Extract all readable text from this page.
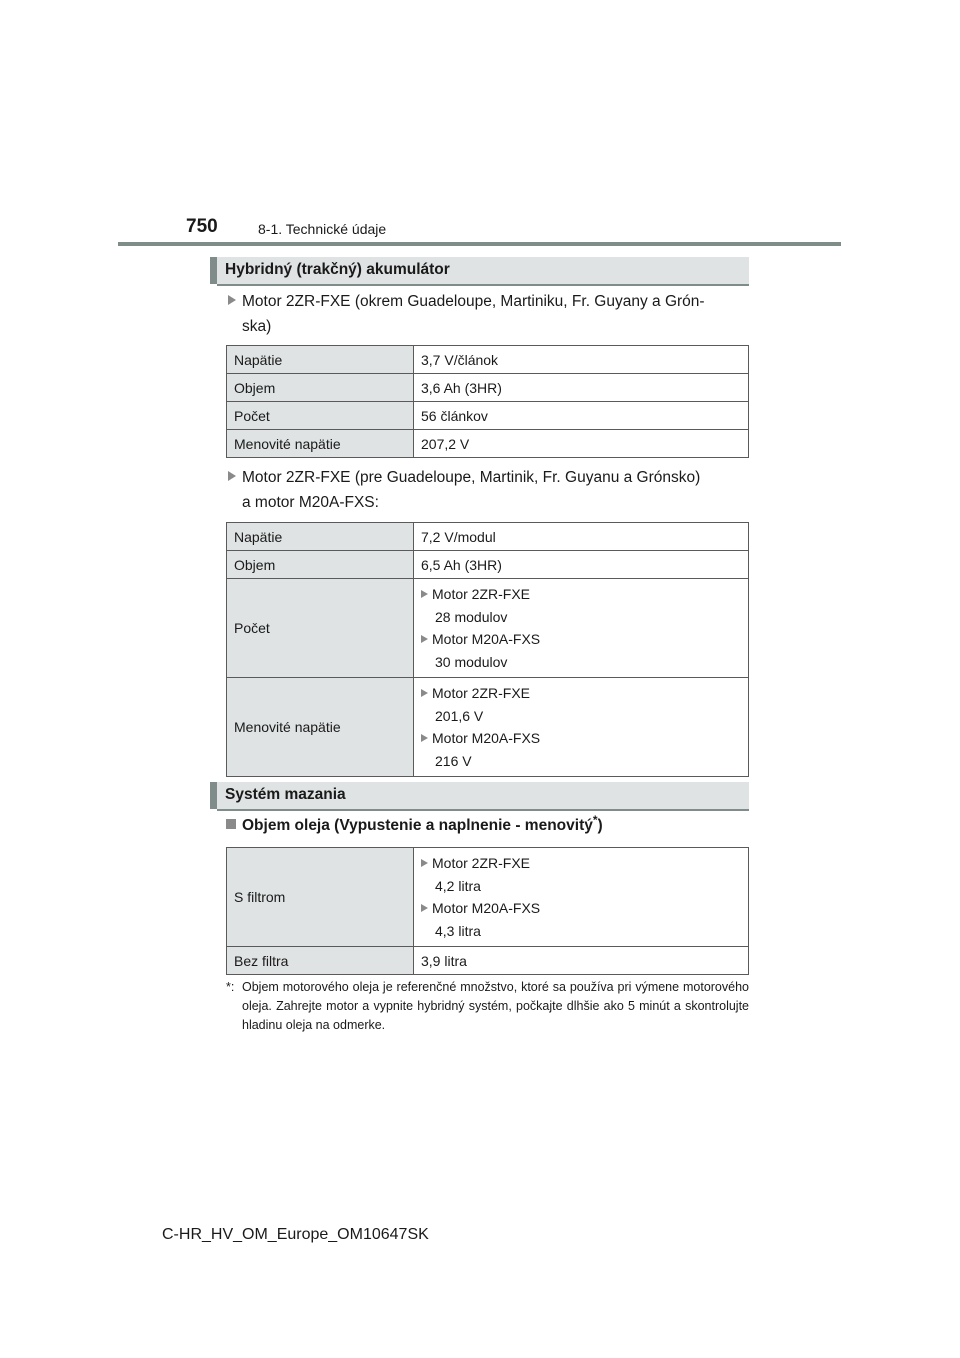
750	8-1. Technické údaje
Hybridný (trakčný) akumulátor
Motor 2ZR-FXE (okrem Guadeloupe, Martiniku, Fr. Guyany a Grón-
ska)
Napätie	3,7 V/článok
Objem	3,6 Ah (3HR)
Počet	56 článkov
Menovité napätie	207,2 V
Motor 2ZR-FXE (pre Guadeloupe, Martinik, Fr. Guyanu a Grónsko)
a motor M20A-FXS:
Napätie	7,2 V/modul
Objem	6,5 Ah (3HR)
Počet	Motor 2ZR-FXE
28 modulov
Motor M20A-FXS
30 modulov

Menovité napätie	Motor 2ZR-FXE
201,6 V
Motor M20A-FXS
216 V
Systém mazania
Objem oleja (Vypustenie a naplnenie - menovitý*)
S filtrom	Motor 2ZR-FXE
4,2 litra
Motor M20A-FXS
4,3 litra

Bez filtra	3,9 litra
*: Objem motorového oleja je referenčné množstvo, ktoré sa používa pri výmene motorového oleja. Zahrejte motor a vypnite hybridný systém, počkajte dlhšie ako 5 minút a skontrolujte hladinu oleja na odmerke.
C-HR_HV_OM_Europe_OM10647SK
